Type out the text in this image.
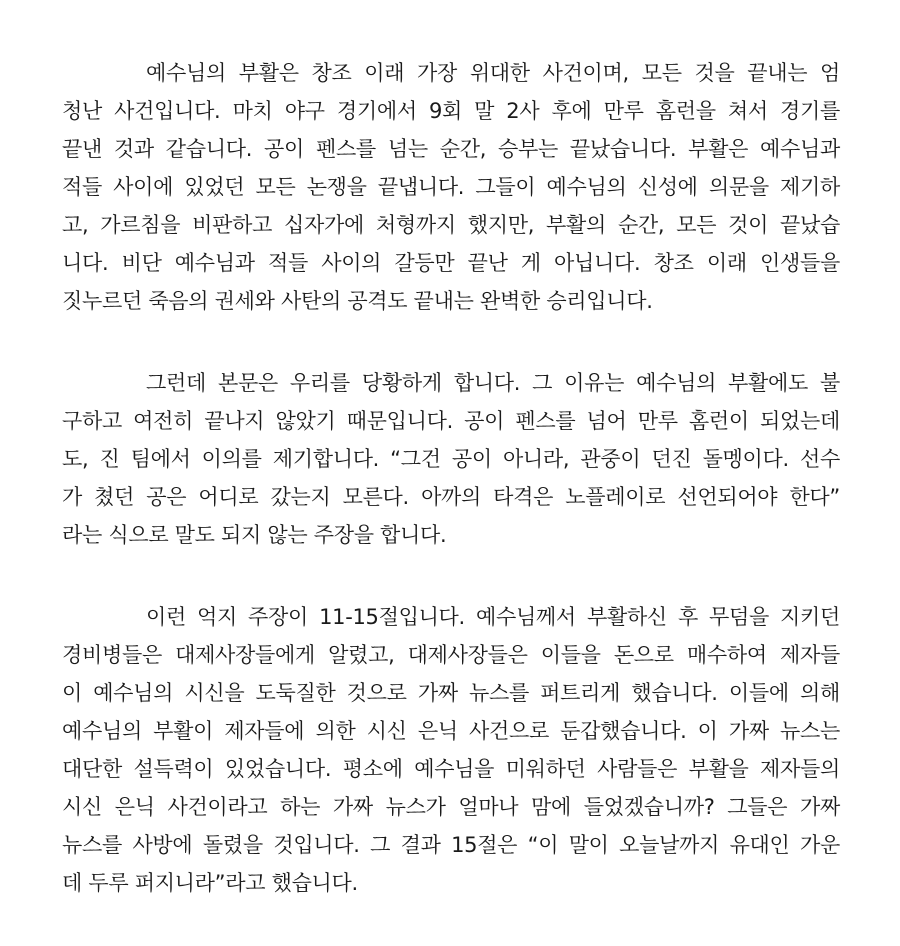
예수님의 부활은 창조 이래 가장 위대한 사건이며, 모든 것을 끝내는 엄
청난 사건입니다. 마치 야구 경기에서 9회 말 2사 후에 만루 홈런을 쳐서 경기를
끝낸 것과 같습니다. 공이 펜스를 넘는 순간, 승부는 끝났습니다. 부활은 예수님과
적들 사이에 있었던 모든 논쟁을 끝냅니다. 그들이 예수님의 신성에 의문을 제기하
고, 가르침을 비판하고 십자가에 처형까지 했지만, 부활의 순간, 모든 것이 끝났습
니다. 비단 예수님과 적들 사이의 갈등만 끝난 게 아닙니다. 창조 이래 인생들을
짓누르던 죽음의 권세와 사탄의 공격도 끝내는 완벽한 승리입니다.
그런데 본문은 우리를 당황하게 합니다. 그 이유는 예수님의 부활에도 불
구하고 여전히 끝나지 않았기 때문입니다. 공이 펜스를 넘어 만루 홈런이 되었는데
도, 진 팀에서 이의를 제기합니다. “그건 공이 아니라, 관중이 던진 돌멩이다. 선수
가 쳤던 공은 어디로 갔는지 모른다. 아까의 타격은 노플레이로 선언되어야 한다”
라는 식으로 말도 되지 않는 주장을 합니다.
이런 억지 주장이 11-15절입니다. 예수님께서 부활하신 후 무덤을 지키던
경비병들은 대제사장들에게 알렸고, 대제사장들은 이들을 돈으로 매수하여 제자들
이 예수님의 시신을 도둑질한 것으로 가짜 뉴스를 퍼트리게 했습니다. 이들에 의해
예수님의 부활이 제자들에 의한 시신 은닉 사건으로 둔갑했습니다. 이 가짜 뉴스는
대단한 설득력이 있었습니다. 평소에 예수님을 미워하던 사람들은 부활을 제자들의
시신 은닉 사건이라고 하는 가짜 뉴스가 얼마나 맘에 들었겠습니까? 그들은 가짜
뉴스를 사방에 돌렸을 것입니다. 그 결과 15절은 “이 말이 오늘날까지 유대인 가운
데 두루 퍼지니라”라고 했습니다.
